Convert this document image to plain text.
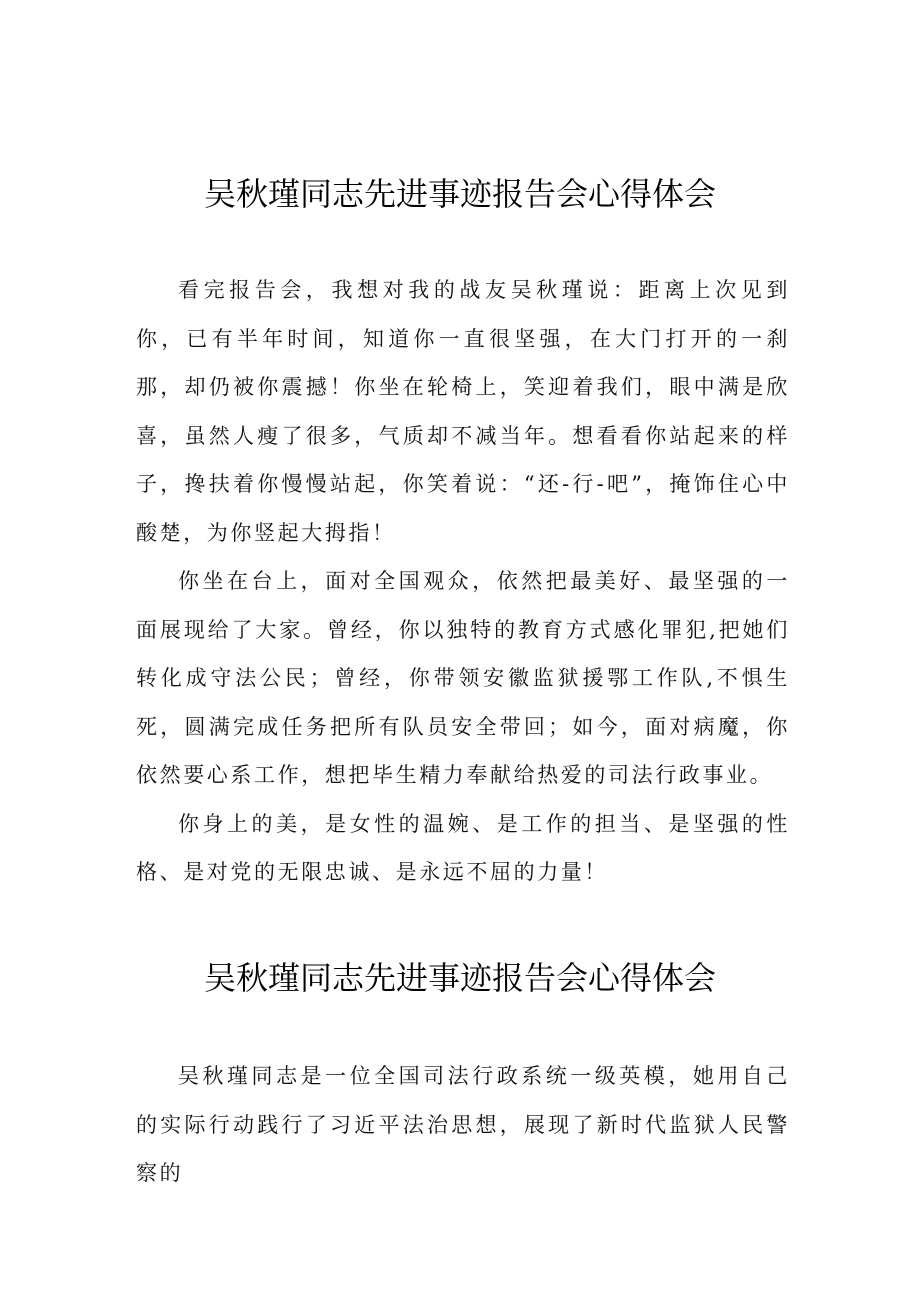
吴秋瑾同志先进事迹报告会心得体会

看完报告会，我想对我的战友吴秋瑾说：距离上次见到你，已有半年时间，知道你一直很坚强，在大门打开的一刹那，却仍被你震撼！你坐在轮椅上，笑迎着我们，眼中满是欣喜，虽然人瘦了很多，气质却不减当年。想看看你站起来的样子，搀扶着你慢慢站起，你笑着说：“还-行-吧”，掩饰住心中酸楚，为你竖起大拇指！

你坐在台上，面对全国观众，依然把最美好、最坚强的一面展现给了大家。曾经，你以独特的教育方式感化罪犯,把她们转化成守法公民；曾经，你带领安徽监狱援鄂工作队,不惧生死，圆满完成任务把所有队员安全带回；如今，面对病魔，你依然要心系工作，想把毕生精力奉献给热爱的司法行政事业。

你身上的美，是女性的温婉、是工作的担当、是坚强的性格、是对党的无限忠诚、是永远不屈的力量！

吴秋瑾同志先进事迹报告会心得体会

吴秋瑾同志是一位全国司法行政系统一级英模，她用自己的实际行动践行了习近平法治思想，展现了新时代监狱人民警察的
